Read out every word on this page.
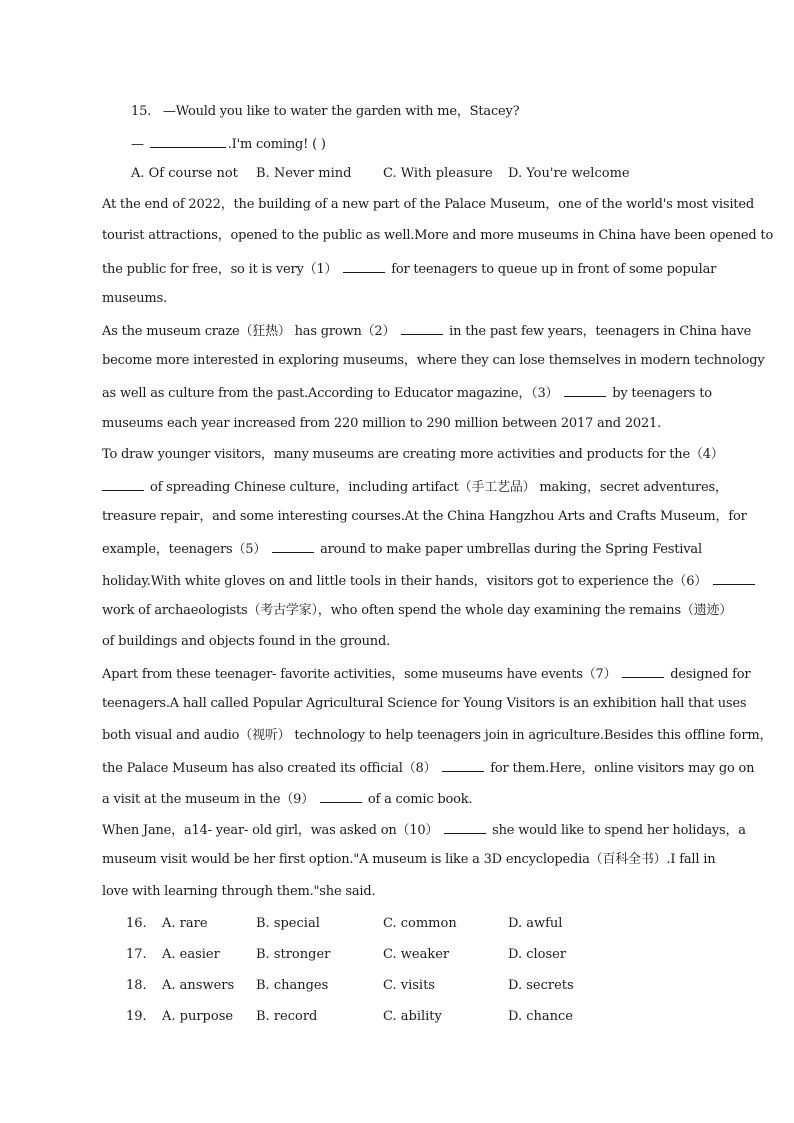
15. —Would you like to water the garden with me，Stacey?
—	.I'm coming! ( )
A. Of course not B. Never mind C. With pleasure D. You're welcome
At the end of 2022，the building of a new part of the Palace Museum，one of the world's most visited
tourist attractions，opened to the public as well.More and more museums in China have been opened to
the public for free，so it is very（1）	for teenagers to queue up in front of some popular
museums.
As the museum craze（狂热） has grown（2）	in the past few years，teenagers in China have
become more interested in exploring museums，where they can lose themselves in modern technology
as well as culture from the past.According to Educator magazine，（3）	by teenagers to
museums each year increased from 220 million to 290 million between 2017 and 2021.
To draw younger visitors，many museums are creating more activities and products for the（4）
of spreading Chinese culture，including artifact（手工艺品） making，secret adventures，
treasure repair，and some interesting courses.At the China Hangzhou Arts and Crafts Museum，for
example，teenagers（5）	around to make paper umbrellas during the Spring Festival
holiday.With white gloves on and little tools in their hands，visitors got to experience the（6）
work of archaeologists（考古学家），who often spend the whole day examining the remains（遗迹）
of buildings and objects found in the ground.
Apart from these teenager- favorite activities，some museums have events（7）	designed for
teenagers.A hall called Popular Agricultural Science for Young Visitors is an exhibition hall that uses
both visual and audio（视听） technology to help teenagers join in agriculture.Besides this offline form，
the Palace Museum has also created its official（8）	for them.Here，online visitors may go on
a visit at the museum in the（9）	of a comic book.
When Jane，a14- year- old girl，was asked on（10）	she would like to spend her holidays，a
museum visit would be her first option."A museum is like a 3D encyclopedia（百科全书）.I fall in
love with learning through them."she said.
16. A. rare	B. special	C. common	D. awful
17. A. easier	B. stronger	C. weaker	D. closer
18. A. answers B. changes	C. visits	D. secrets
19. A. purpose B. record	C. ability	D. chance
